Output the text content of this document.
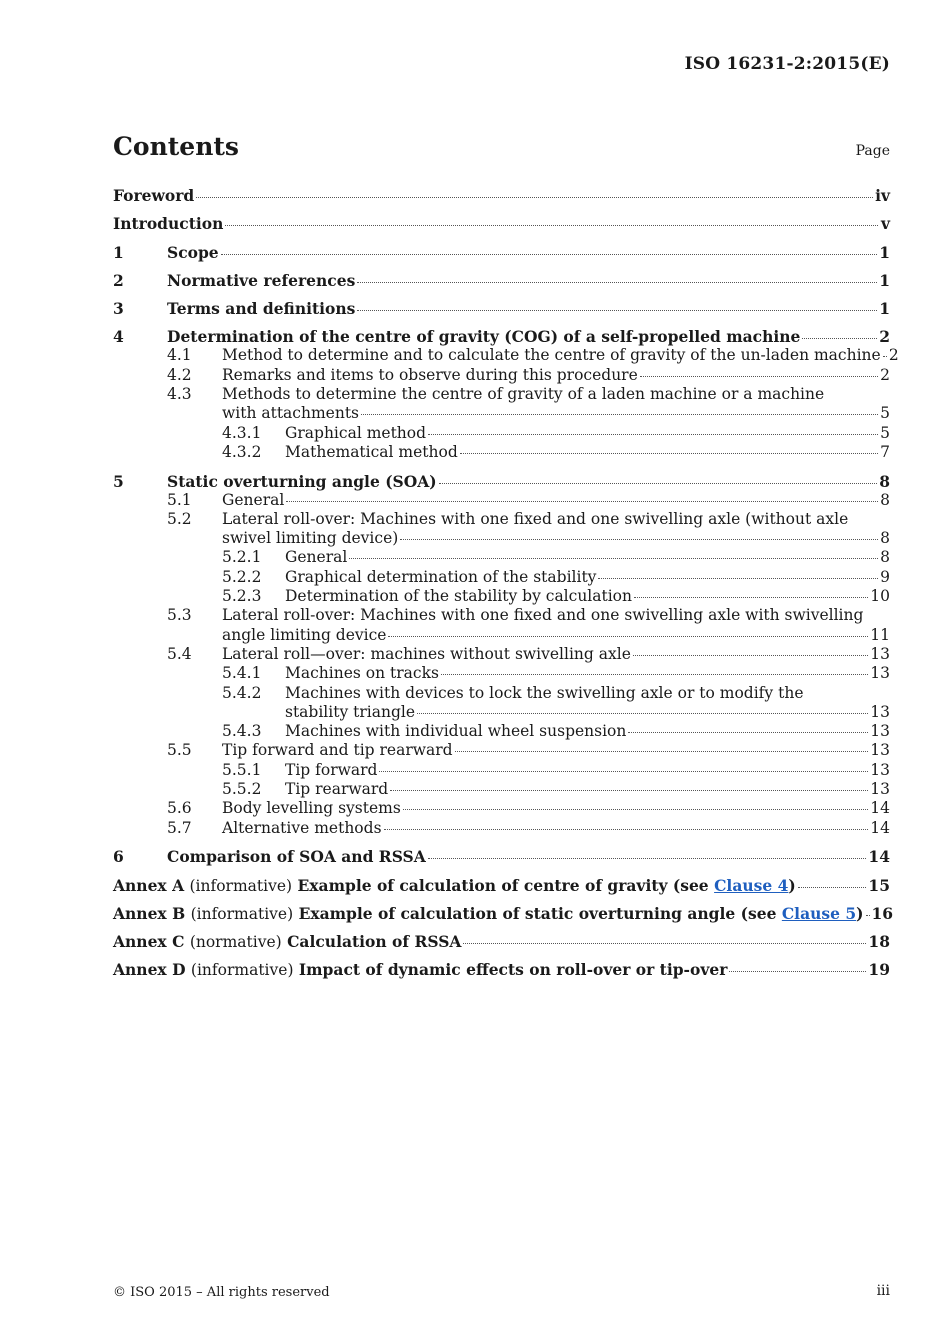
ISO 16231-2:2015(E)
Contents	Page
Foreword	iv
Introduction	v
1	Scope	1
2	Normative references	1
3	Terms and definitions	1
4	Determination of the centre of gravity (COG) of a self-propelled machine	2
4.1 Method to determine and to calculate the centre of gravity of the un-laden machine 2
4.2 Remarks and items to observe during this procedure	2
4.3 Methods to determine the centre of gravity of a laden machine or a machine
with attachments	5
4.3.1 Graphical method	5
4.3.2 Mathematical method	7
5	Static overturning angle (SOA)	8
5.1 General	8
5.2 Lateral roll-over: Machines with one fixed and one swivelling axle (without axle
swivel limiting device)	8
5.2.1 General	8
5.2.2 Graphical determination of the stability	9
5.2.3 Determination of the stability by calculation	10
5.3 Lateral roll-over: Machines with one fixed and one swivelling axle with swivelling
angle limiting device	11
5.4 Lateral roll—over: machines without swivelling axle	13
5.4.1 Machines on tracks	13
5.4.2 Machines with devices to lock the swivelling axle or to modify the
stability triangle	13
5.4.3 Machines with individual wheel suspension	13
5.5 Tip forward and tip rearward	13
5.5.1 Tip forward	13
5.5.2 Tip rearward	13
5.6 Body levelling systems	14
5.7 Alternative methods	14
6	Comparison of SOA and RSSA	14
Annex A (informative) Example of calculation of centre of gravity (see Clause 4)	15
Annex B (informative) Example of calculation of static overturning angle (see Clause 5) 16
Annex C (normative) Calculation of RSSA	18
Annex D (informative) Impact of dynamic effects on roll-over or tip-over	19
© ISO 2015 – All rights reserved	iii
